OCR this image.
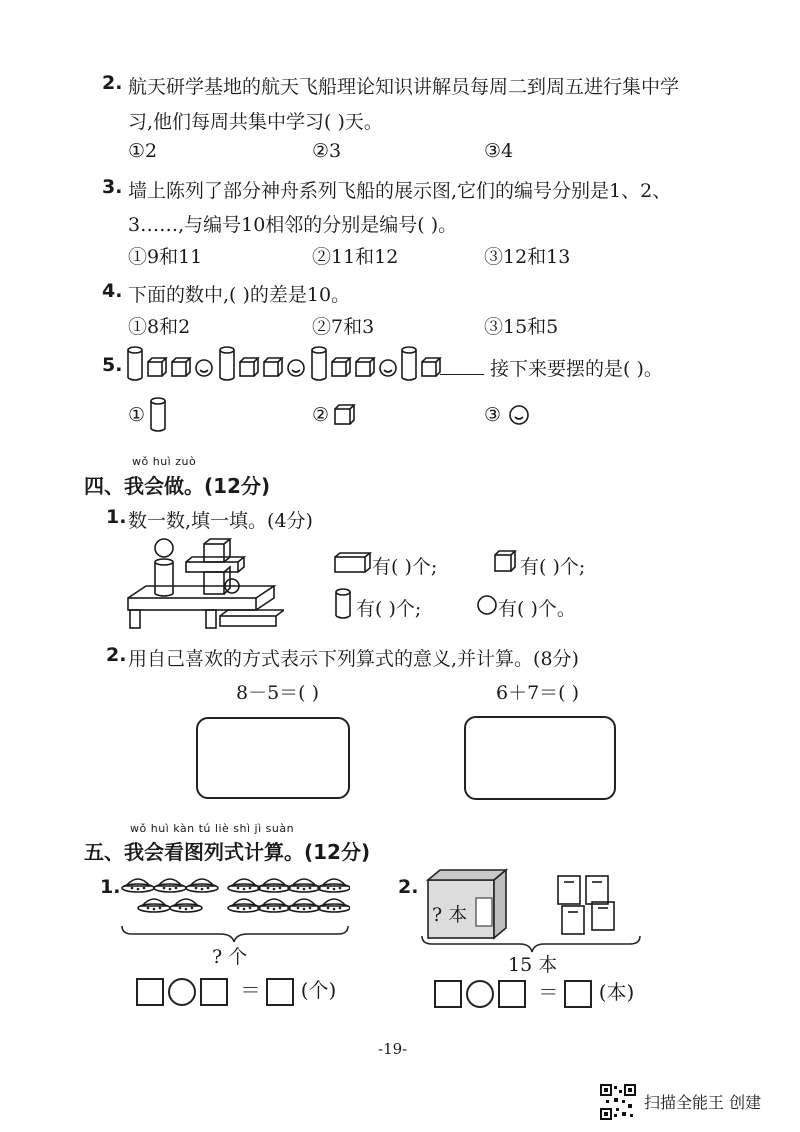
2. 航天研学基地的航天飞船理论知识讲解员每周二到周五进行集中学
习,他们每周共集中学习( )天。
①2	②3	③4
3. 墙上陈列了部分神舟系列飞船的展示图,它们的编号分别是1、2、
3……,与编号10相邻的分别是编号( )。
①9和11	②11和12	③12和13
4. 下面的数中,( )的差是10。
①8和2	②7和3	③15和5
5.	接下来要摆的是( )。
①	②	③
wǒ huì zuò
四、我会做。(12分)
1. 数一数,填一填。(4分)
有( )个;	有( )个;
有( )个;	有( )个。
2. 用自己喜欢的方式表示下列算式的意义,并计算。(8分)
8－5＝( )	6＋7＝( )
wǒ huì kàn tú liè shì jì suàn
五、我会看图列式计算。(12分)
1.
? 个
＝ (个)
2.
? 本
15 本
＝ (本)
-19-
扫描全能王 创建
